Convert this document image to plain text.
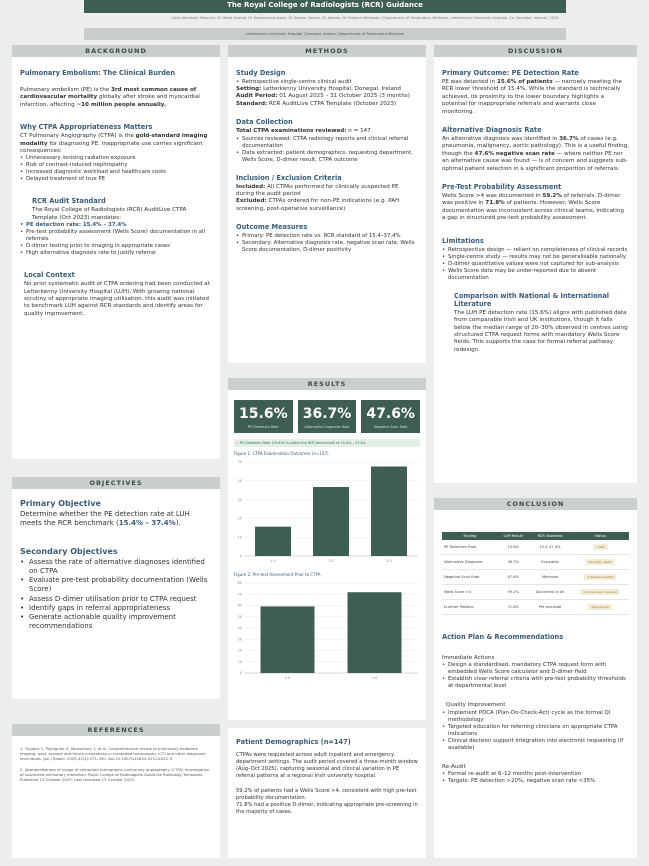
The Royal College of Radiologists (RCR) Guidance
Clerk Abimbola Fabunmi, Dr Aftab Ahmad, Dr Muhammad Aqeel, Dr Zaheer Qamar, Dr Adeola, Dr Faheem Mehboob | Department of Respiratory Medicine, Letterkenny University Hospital, Co. Donegal, Ireland | 2025
Letterkenny University Hospital | Donegal, Ireland | Department of Respiratory Medicine
BACKGROUND
Pulmonary Embolism: The Clinical Burden
Pulmonary embolism (PE) is the 3rd most common cause of cardiovascular mortality globally after stroke and myocardial infarction, affecting ~10 million people annually.
Why CTPA Appropriateness Matters
CT Pulmonary Angiography (CTPA) is the gold-standard imaging modality for diagnosing PE. Inappropriate use carries significant consequences:
• Unnecessary ionising radiation exposure
• Risk of contrast-induced nephropathy
• Increased diagnostic workload and healthcare costs
• Delayed treatment of true PE
RCR Audit Standard
The Royal College of Radiologists (RCR) AuditLive CTPA Template (Oct 2023) mandates:
• PE detection rate: 15.4% – 37.4%
• Pre-test probability assessment (Wells Score) documentation in all referrals
• D-dimer testing prior to imaging in appropriate cases
• High alternative diagnosis rate to justify referral
Local Context
No prior systematic audit of CTPA ordering had been conducted at Letterkenny University Hospital (LUH). With growing national scrutiny of appropriate imaging utilisation, this audit was initiated to benchmark LUH against RCR standards and identify areas for quality improvement.
OBJECTIVES
Primary Objective
Determine whether the PE detection rate at LUH meets the RCR benchmark (15.4% – 37.4%).
Secondary Objectives
• Assess the rate of alternative diagnoses identified on CTPA
• Evaluate pre-test probability documentation (Wells Score)
• Assess D-dimer utilisation prior to CTPA request
• Identify gaps in referral appropriateness
• Generate actionable quality improvement recommendations
REFERENCES
1. Trygqvil 1, Pullegrino G, Monacilary 1, et al. Comprehensive review of pulmonary embolism imaging: past, present and future innovations in computed tomography (CT) and other diagnostic techniques. Jpn J Radiol. 2025;43(3):375–390. doi:10.1007/s11604-025-01812-9
2. Appropriateness of usage of computed tomography pulmonary angiography (CTPA) investigation of suspected pulmonary embolism. Royal College of Radiologists AuditLive Radiology Templates. Published 13 October 2023. Last reviewed 13 October 2023.
METHODS
Study Design
• Retrospective single-centre clinical audit
Setting: Letterkenny University Hospital, Donegal, Ireland
Audit Period: 01 August 2025 – 31 October 2025 (3 months)
Standard: RCR AuditLive CTPA Template (October 2023)
Data Collection
Total CTPA examinations reviewed: n = 147
• Sources reviewed: CTPA radiology reports and clinical referral documentation
• Data extracted: patient demographics, requesting department, Wells Score, D-dimer result, CTPA outcome
Inclusion / Exclusion Criteria
Included: All CTPAs performed for clinically suspected PE during the audit period
Excluded: CTPAs ordered for non-PE indications (e.g. PAH screening, post-operative surveillance)
Outcome Measures
• Primary: PE detection rate vs. RCR standard of 15.4–37.4%
• Secondary: Alternative diagnosis rate, negative scan rate, Wells Score documentation, D-dimer positivity
RESULTS
15.6%
PE Detection Rate
36.7%
Alternative Diagnosis Rate
47.6%
Negative Scan Rate
✓ PE Detection Rate (15.6%) is within the RCR benchmark of 15.4% – 37.4%
Figure 1: CTPA Examination Outcomes (n=147)
0
10
20
30
40
50
1.0	2.0	3.0
Figure 2: Pre-test Assessment Prior to CTPA
0
10
20
30
40
50
60
70
80
1.0	2.0
Patient Demographics (n=147)
CTPAs were requested across adult inpatient and emergency department settings. The audit period covered a three-month window (Aug–Oct 2025), capturing seasonal and clinical variation in PE referral patterns at a regional Irish university hospital.
59.2% of patients had a Wells Score >4, consistent with high pre-test probability documentation.
71.8% had a positive D-dimer, indicating appropriate pre-screening in the majority of cases.
DISCUSSION
Primary Outcome: PE Detection Rate
PE was detected in 15.6% of patients — narrowly meeting the RCR lower threshold of 15.4%. While the standard is technically achieved, its proximity to the lower boundary highlights a potential for inappropriate referrals and warrants close monitoring.
Alternative Diagnosis Rate
An alternative diagnosis was identified in 36.7% of cases (e.g. pneumonia, malignancy, aortic pathology). This is a useful finding, though the 47.6% negative scan rate — where neither PE nor an alternative cause was found — is of concern and suggests sub-optimal patient selection in a significant proportion of referrals.
Pre-Test Probability Assessment
Wells Score >4 was documented in 59.2% of referrals. D-dimer was positive in 71.8% of patients. However, Wells Score documentation was inconsistent across clinical teams, indicating a gap in structured pre-test probability assessment.
Limitations
• Retrospective design — reliant on completeness of clinical records
• Single-centre study — results may not be generalisable nationally
• D-dimer quantitative values were not captured for sub-analysis
• Wells Score data may be under-reported due to absent documentation
Comparison with National & International Literature
The LUH PE detection rate (15.6%) aligns with published data from comparable Irish and UK institutions, though it falls below the median range of 20–30% observed in centres using structured CTPA request forms with mandatory Wells Score fields. This supports the case for formal referral pathway redesign.
CONCLUSION
Finding	LUH Result	RCR Standard	Status
PE Detection Rate	15.6%	15.4–37.4%	✓ Met
Alternative Diagnosis	36.7%	Favorable	Clinically useful
Negative Scan Rate	47.6%	Minimise	⚠ Review needed
Wells Score >4	59.2%	Document in all	Improvement required
D-dimer Positive	71.8%	Pre-requisite	Appropriate
Action Plan & Recommendations
Immediate Actions
• Design a standardised, mandatory CTPA request form with embedded Wells Score calculator and D-dimer field
• Establish clear referral criteria with pre-test probability thresholds at departmental level
Quality Improvement
• Implement PDCA (Plan-Do-Check-Act) cycle as the formal QI methodology
• Targeted education for referring clinicians on appropriate CTPA indications
• Clinical decision support integration into electronic requesting (if available)
Re-Audit
• Formal re-audit at 6–12 months post-intervention
• Targets: PE detection >20%, negative scan rate <35%
